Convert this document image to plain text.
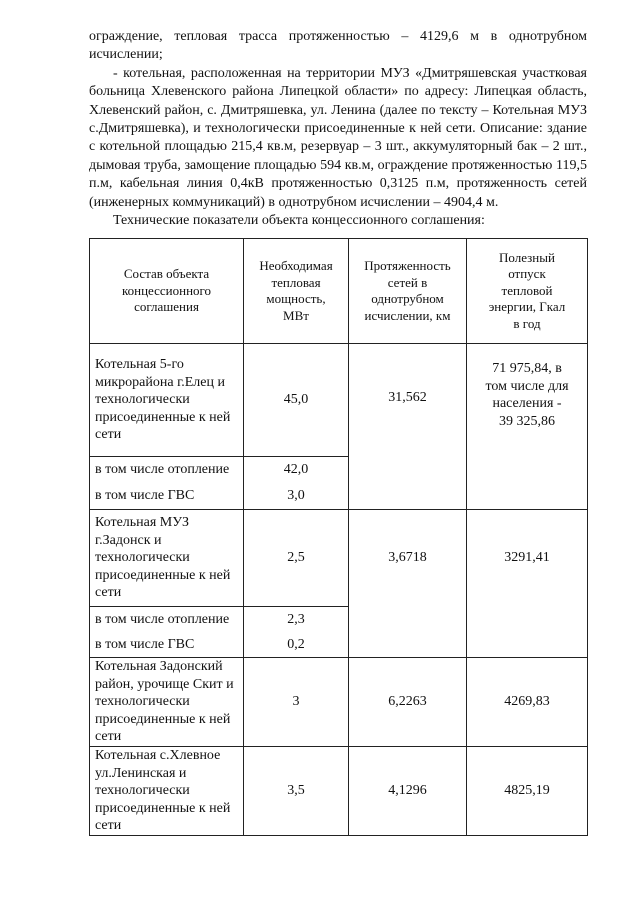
ограждение, тепловая трасса протяженностью – 4129,6 м в однотрубном исчислении;

- котельная, расположенная на территории МУЗ «Дмитряшевская участковая больница Хлевенского района Липецкой области» по адресу: Липецкая область, Хлевенский район, с. Дмитряшевка, ул. Ленина (далее по тексту – Котельная МУЗ с.Дмитряшевка), и технологически присоединенные к ней сети. Описание: здание с котельной площадью 215,4 кв.м, резервуар – 3 шт., аккумуляторный бак – 2 шт., дымовая труба, замощение площадью 594 кв.м, ограждение протяженностью 119,5 п.м, кабельная линия 0,4кВ протяженностью 0,3125 п.м, протяженность сетей (инженерных коммуникаций) в однотрубном исчислении – 4904,4 м.

Технические показатели объекта концессионного соглашения:

Состав объекта
концессионного
соглашения	Необходимая
тепловая
мощность,
МВт	Протяженность
сетей в
однотрубном
исчислении, км	Полезный
отпуск
тепловой
энергии, Гкал
в год

Котельная 5-го
микрорайона г.Елец и
технологически
присоединенные к ней
сети	45,0	31,562	71 975,84, в
том числе для
населения -
39 325,86

в том числе отопление	42,0		
в том числе ГВС	3,0		

Котельная МУЗ
г.Задонск и
технологически
присоединенные к ней
сети	2,5	3,6718	3291,41
в том числе отопление	2,3		
в том числе ГВС	0,2		

Котельная Задонский
район, урочище Скит и
технологически
присоединенные к ней
сети	3	6,2263	4269,83

Котельная с.Хлевное
ул.Ленинская и
технологически
присоединенные к ней
сети	3,5	4,1296	4825,19
